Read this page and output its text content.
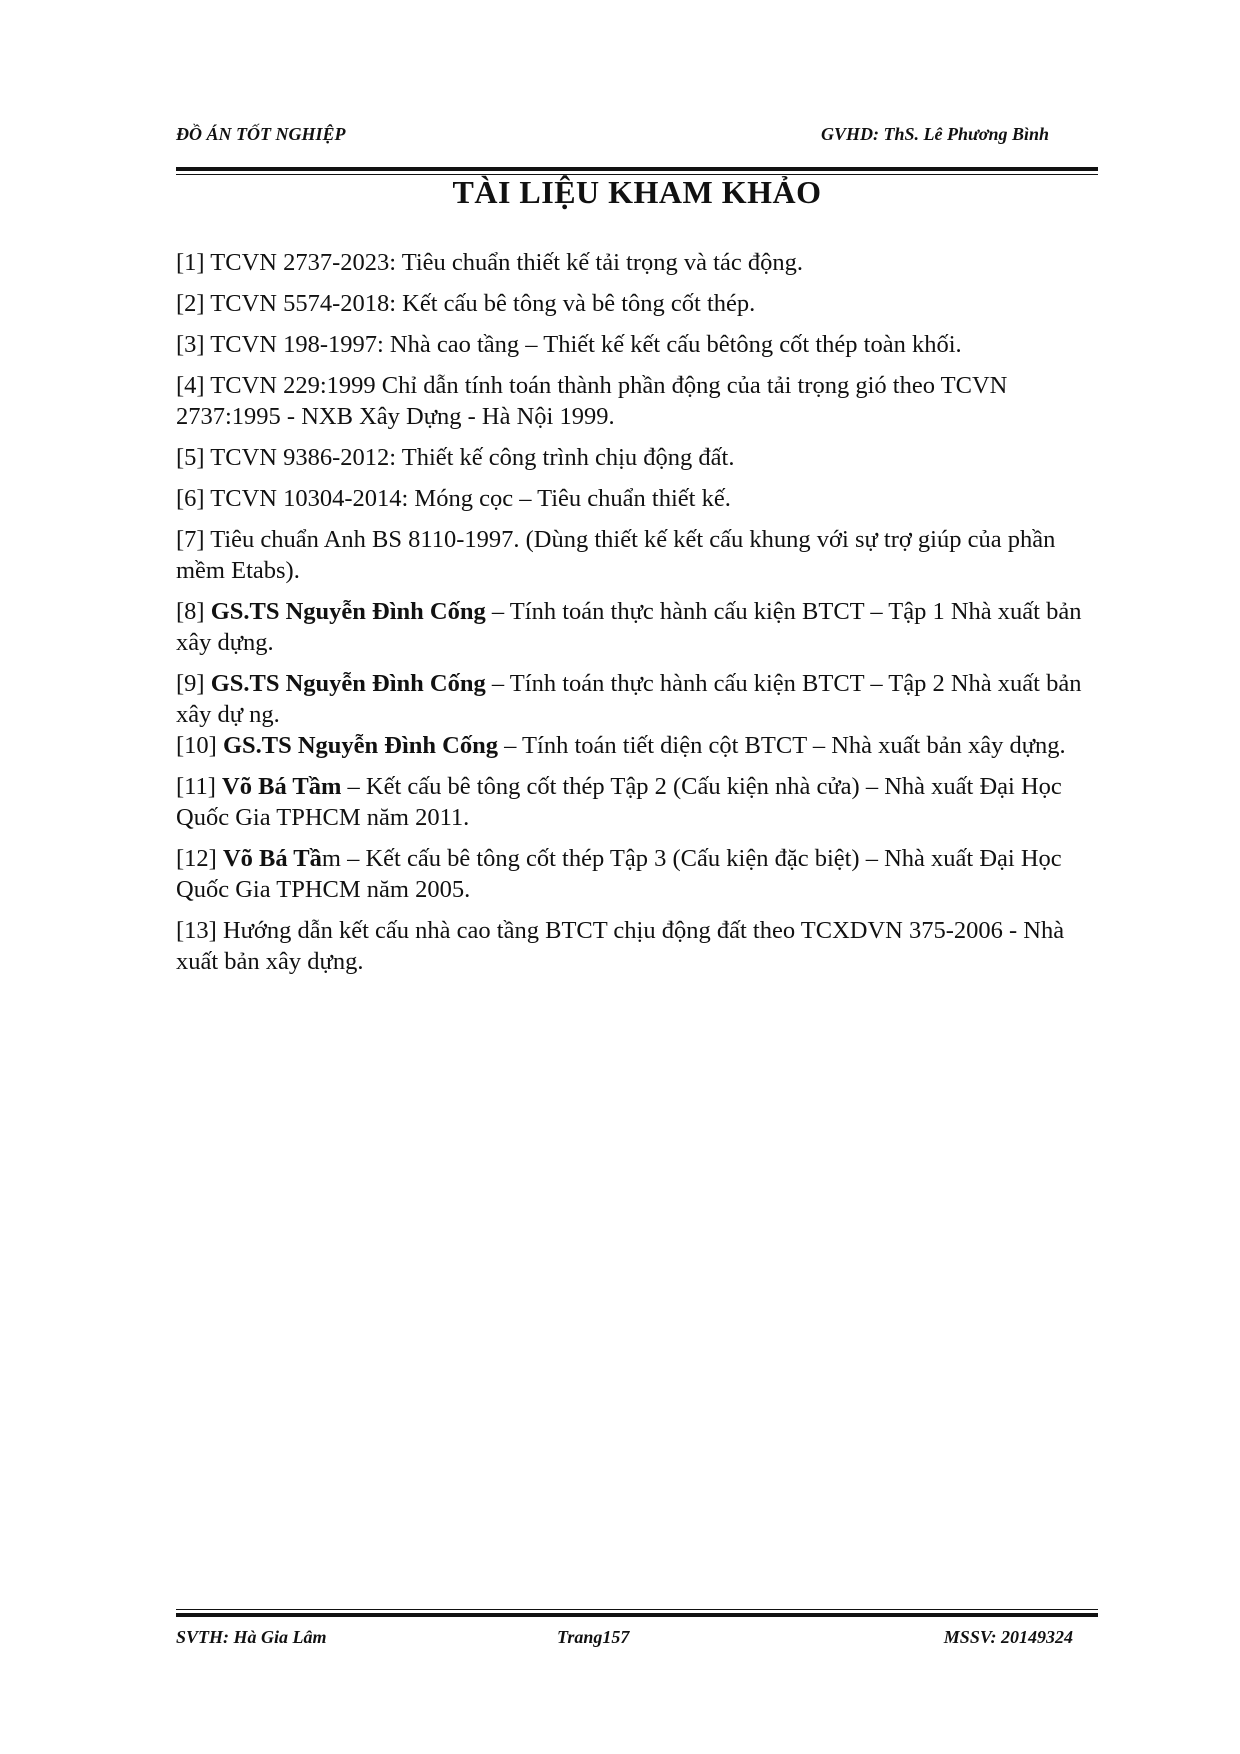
ĐỒ ÁN TỐT NGHIỆP	GVHD: ThS. Lê Phương Bình
TÀI LIỆU KHAM KHẢO

[1] TCVN 2737-2023: Tiêu chuẩn thiết kế tải trọng và tác động.

[2] TCVN 5574-2018: Kết cấu bê tông và bê tông cốt thép.

[3] TCVN 198-1997: Nhà cao tầng – Thiết kế kết cấu bêtông cốt thép toàn khối.

[4] TCVN 229:1999 Chỉ dẫn tính toán thành phần động của tải trọng gió theo TCVN 2737:1995 - NXB Xây Dựng - Hà Nội 1999.

[5] TCVN 9386-2012: Thiết kế công trình chịu động đất.

[6] TCVN 10304-2014: Móng cọc – Tiêu chuẩn thiết kế.

[7] Tiêu chuẩn Anh BS 8110-1997. (Dùng thiết kế kết cấu khung với sự trợ giúp của phần mềm Etabs).

[8] GS.TS Nguyễn Đình Cống – Tính toán thực hành cấu kiện BTCT – Tập 1 Nhà xuất bản xây dựng.

[9] GS.TS Nguyễn Đình Cống – Tính toán thực hành cấu kiện BTCT – Tập 2 Nhà xuất bản xây dự ng.

[10] GS.TS Nguyễn Đình Cống – Tính toán tiết diện cột BTCT – Nhà xuất bản xây dựng.

[11] Võ Bá Tầm – Kết cấu bê tông cốt thép Tập 2 (Cấu kiện nhà cửa) – Nhà xuất Đại Học Quốc Gia TPHCM năm 2011.

[12] Võ Bá Tầm – Kết cấu bê tông cốt thép Tập 3 (Cấu kiện đặc biệt) – Nhà xuất Đại Học Quốc Gia TPHCM năm 2005.

[13] Hướng dẫn kết cấu nhà cao tầng BTCT chịu động đất theo TCXDVN 375-2006 - Nhà xuất bản xây dựng.

SVTH: Hà Gia Lâm	Trang157	MSSV: 20149324
